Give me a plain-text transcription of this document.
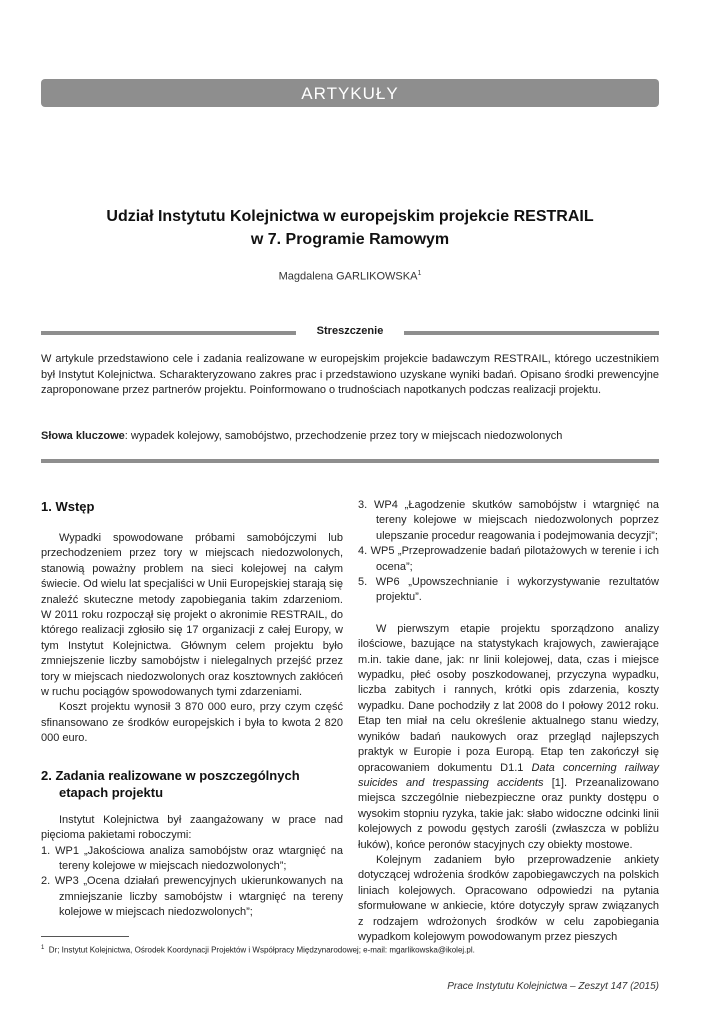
ARTYKUŁY
Udział Instytutu Kolejnictwa w europejskim projekcie RESTRAIL
w 7. Programie Ramowym
Magdalena GARLIKOWSKA$^1$
Streszczenie

W artykule przedstawiono cele i zadania realizowane w europejskim projekcie badawczym RESTRAIL, którego uczestnikiem był Instytut Kolejnictwa. Scharakteryzowano zakres prac i przedstawiono uzyskane wyniki badań. Opisano środki prewencyjne zaproponowane przez partnerów projektu. Poinformowano o trudnościach napotkanych podczas realizacji projektu.

Słowa kluczowe: wypadek kolejowy, samobójstwo, przechodzenie przez tory w miejscach niedozwolonych
1. Wstęp

Wypadki spowodowane próbami samobójczymi lub przechodzeniem przez tory w miejscach niedozwolonych, stanowią poważny problem na sieci kolejowej na całym świecie. Od wielu lat specjaliści w Unii Europejskiej starają się znaleźć skuteczne metody zapobiegania takim zdarzeniom. W 2011 roku rozpoczął się projekt o akronimie RESTRAIL, do którego realizacji zgłosiło się 17 organizacji z całej Europy, w tym Instytut Kolejnictwa. Głównym celem projektu było zmniejszenie liczby samobójstw i nielegalnych przejść przez tory w miejscach niedozwolonych oraz kosztownych zakłóceń w ruchu pociągów spowodowanych tymi zdarzeniami.

Koszt projektu wynosił 3 870 000 euro, przy czym część sfinansowano ze środków europejskich i była to kwota 2 820 000 euro.

2. Zadania realizowane w poszczególnych
etapach projektu

Instytut Kolejnictwa był zaangażowany w prace nad pięcioma pakietami roboczymi:

1. WP1 „Jakościowa analiza samobójstw oraz wtargnięć na tereny kolejowe w miejscach niedozwolonych”;

2. WP3 „Ocena działań prewencyjnych ukierunkowanych na zmniejszanie liczby samobójstw i wtargnięć na tereny kolejowe w miejscach niedozwolonych”;

3. WP4 „Łagodzenie skutków samobójstw i wtargnięć na tereny kolejowe w miejscach niedozwolonych poprzez ulepszanie procedur reagowania i podejmowania decyzji”;

4. WP5 „Przeprowadzenie badań pilotażowych w terenie i ich ocena”;

5. WP6 „Upowszechnianie i wykorzystywanie rezultatów projektu”.

W pierwszym etapie projektu sporządzono analizy ilościowe, bazujące na statystykach krajowych, zawierające m.in. takie dane, jak: nr linii kolejowej, data, czas i miejsce wypadku, płeć osoby poszkodowanej, przyczyna wypadku, liczba zabitych i rannych, krótki opis zdarzenia, koszty wypadku. Dane pochodziły z lat 2008 do I połowy 2012 roku. Etap ten miał na celu określenie aktualnego stanu wiedzy, wyników badań naukowych oraz przegląd najlepszych praktyk w Europie i poza Europą. Etap ten zakończył się opracowaniem dokumentu D1.1 Data concerning railway suicides and trespassing accidents [1]. Przeanalizowano miejsca szczególnie niebezpieczne oraz punkty dostępu o wysokim stopniu ryzyka, takie jak: słabo widoczne odcinki linii kolejowych z powodu gęstych zarośli (zwłaszcza w pobliżu łuków), końce peronów stacyjnych czy obiekty mostowe.

Kolejnym zadaniem było przeprowadzenie ankiety dotyczącej wdrożenia środków zapobiegawczych na polskich liniach kolejowych. Opracowano odpowiedzi na pytania sformułowane w ankiecie, które dotyczyły spraw związanych z rodzajem wdrożonych środków w celu zapobiegania wypadkom kolejowym powodowanym przez pieszych

$^1$ Dr; Instytut Kolejnictwa, Ośrodek Koordynacji Projektów i Współpracy Międzynarodowej; e-mail: mgarlikowska@ikolej.pl.
Prace Instytutu Kolejnictwa – Zeszyt 147 (2015)
